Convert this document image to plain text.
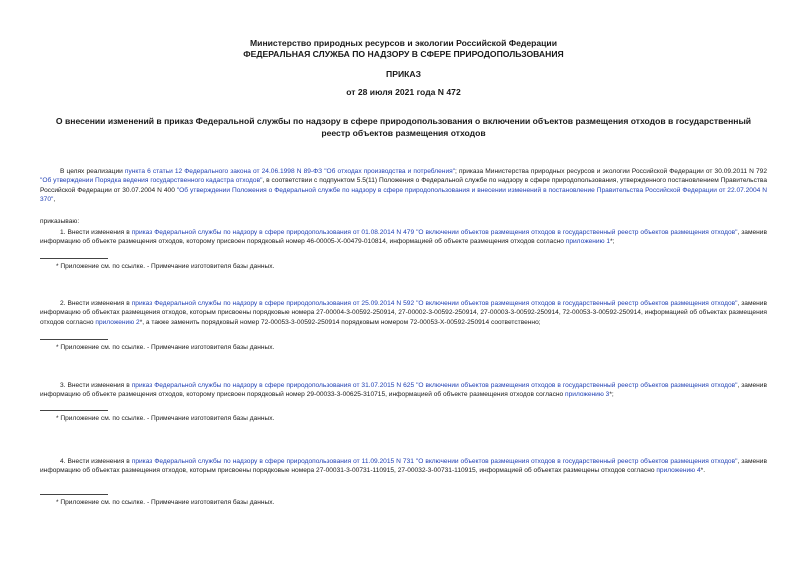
Министерство природных ресурсов и экологии Российской Федерации
ФЕДЕРАЛЬНАЯ СЛУЖБА ПО НАДЗОРУ В СФЕРЕ ПРИРОДОПОЛЬЗОВАНИЯ
ПРИКАЗ
от 28 июля 2021 года N 472
О внесении изменений в приказ Федеральной службы по надзору в сфере природопользования о включении объектов размещения отходов в государственный
реестр объектов размещения отходов
В целях реализации пункта 6 статьи 12 Федерального закона от 24.06.1998 N 89-ФЗ "Об отходах производства и потребления"; приказа Министерства природных ресурсов и экологии Российской Федерации от 30.09.2011 N 792 "Об утверждении Порядка ведения государственного кадастра отходов", в соответствии с подпунктом 5.5(11) Положения о Федеральной службе по надзору в сфере природопользования, утвержденного постановлением Правительства Российской Федерации от 30.07.2004 N 400 "Об утверждении Положения о Федеральной службе по надзору в сфере природопользования и внесении изменений в постановление Правительства Российской Федерации от 22.07.2004 N 370",
приказываю:
1. Внести изменения в приказ Федеральной службы по надзору в сфере природопользования от 01.08.2014 N 479 "О включении объектов размещения отходов в государственный реестр объектов размещения отходов", заменив информацию об объекте размещения отходов, которому присвоен порядковый номер 46-00005-Х-00479-010814, информацией об объекте размещения отходов согласно приложению 1*;
* Приложение см. по ссылке. - Примечание изготовителя базы данных.
2. Внести изменения в приказ Федеральной службы по надзору в сфере природопользования от 25.09.2014 N 592 "О включении объектов размещения отходов в государственный реестр объектов размещения отходов", заменив информацию об объектах размещения отходов, которым присвоены порядковые номера 27-00004-3-00592-250914, 27-00002-3-00592-250914, 27-00003-3-00592-250914, 72-00053-3-00592-250914, информацией об объектах размещения отходов согласно приложению 2*, а также заменить порядковый номер 72-00053-3-00592-250914 порядковым номером 72-00053-Х-00592-250914 соответственно;
* Приложение см. по ссылке. - Примечание изготовителя базы данных.
3. Внести изменения в приказ Федеральной службы по надзору в сфере природопользования от 31.07.2015 N 625 "О включении объектов размещения отходов в государственный реестр объектов размещения отходов", заменив информацию об объекте размещения отходов, которому присвоен порядковый номер 29-00033-3-00625-310715, информацией об объекте размещения отходов согласно приложению 3*;
* Приложение см. по ссылке. - Примечание изготовителя базы данных.
4. Внести изменения в приказ Федеральной службы по надзору в сфере природопользования от 11.09.2015 N 731 "О включении объектов размещения отходов в государственный реестр объектов размещения отходов", заменив информацию об объектах размещения отходов, которым присвоены порядковые номера 27-00031-3-00731-110915, 27-00032-3-00731-110915, информацией об объектах размещены отходов согласно приложению 4*.
* Приложение см. по ссылке. - Примечание изготовителя базы данных.
